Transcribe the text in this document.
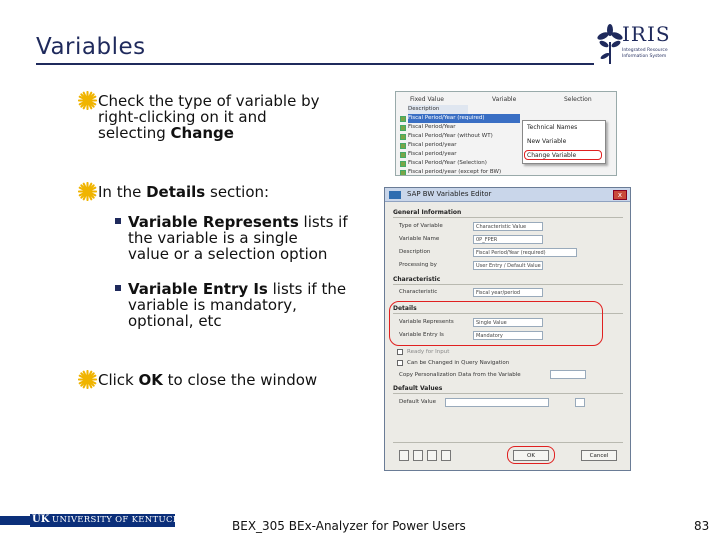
Variables	IRIS
Integrated Resource Information System
Check the type of variable by
right-clicking on it and
selecting Change
In the Details section:
Variable Represents lists if
the variable is a single
value or a selection option
Variable Entry Is lists if the
variable is mandatory,
optional, etc
Click OK to close the window
Fixed Value	Variable	Selection
Description
Fiscal Period/Year (required)
Fiscal Period/Year
Fiscal Period/Year (without WT)
Fiscal period/year
Fiscal period/year
Fiscal Period/Year (Selection)
Fiscal period/year (except for BW)
Technical Names
New Variable
Change Variable
SAP BW Variables Editor	x
General Information
Type of Variable	Characteristic Value
Variable Name	0P_FPER
Description	Fiscal Period/Year (required)
Processing by	User Entry / Default Value
Characteristic
Characteristic	Fiscal year/period
Details
Variable Represents	Single Value
Variable Entry Is	Mandatory
Ready for Input
Can be Changed in Query Navigation
Copy Personalization Data from the Variable
Default Values
Default Value
OK	Cancel
UK UNIVERSITY OF KENTUCKY	BEX_305 BEx-Analyzer for Power Users	83
